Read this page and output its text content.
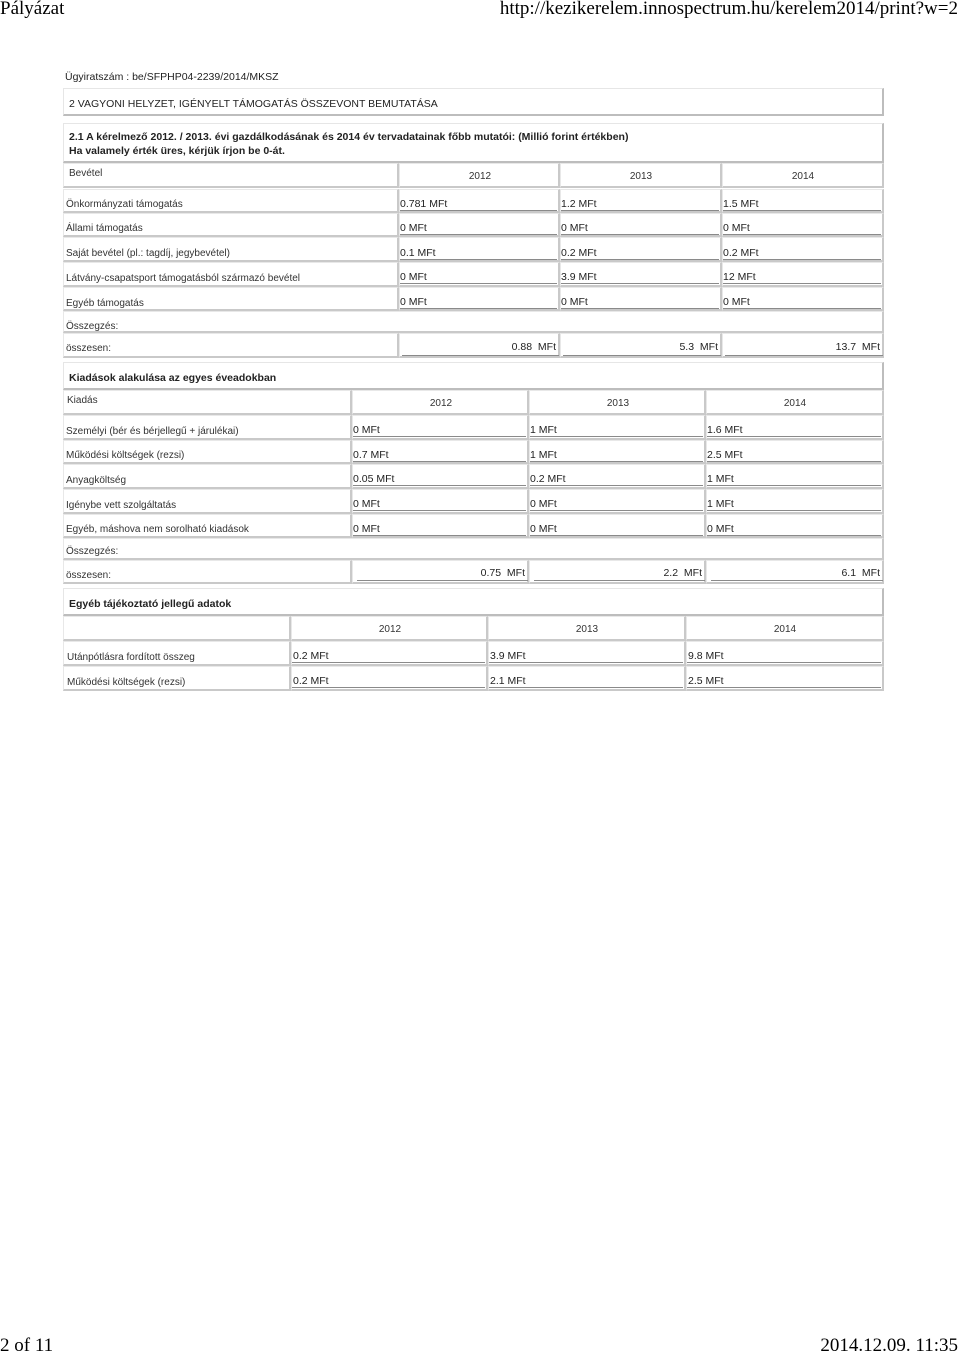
Pályázat	http://kezikerelem.innospectrum.hu/kerelem2014/print?w=2
2 of 11	2014.12.09. 11:35
Ügyiratszám : be/SFPHP04-2239/2014/MKSZ
2 VAGYONI HELYZET, IGÉNYELT TÁMOGATÁS ÖSSZEVONT BEMUTATÁSA
2.1 A kérelmező 2012. / 2013. évi gazdálkodásának és 2014 év tervadatainak főbb mutatói: (Millió forint értékben)
Ha valamely érték üres, kérjük írjon be 0-át.
Bevétel	2012	2013	2014
Önkormányzati támogatás	0.781 MFt	1.2 MFt	1.5 MFt
Állami támogatás	0 MFt	0 MFt	0 MFt
Saját bevétel (pl.: tagdíj, jegybevétel)	0.1 MFt	0.2 MFt	0.2 MFt
Látvány-csapatsport támogatásból származó bevétel	0 MFt	3.9 MFt	12 MFt
Egyéb támogatás	0 MFt	0 MFt	0 MFt
Összegzés:
összesen:	0.88 MFt	5.3 MFt	13.7 MFt
Kiadások alakulása az egyes éveadokban
Kiadás	2012	2013	2014
Személyi (bér és bérjellegű + járulékai)	0 MFt	1 MFt	1.6 MFt
Működési költségek (rezsi)	0.7 MFt	1 MFt	2.5 MFt
Anyagköltség	0.05 MFt	0.2 MFt	1 MFt
Igénybe vett szolgáltatás	0 MFt	0 MFt	1 MFt
Egyéb, máshova nem sorolható kiadások	0 MFt	0 MFt	0 MFt
Összegzés:
összesen:	0.75 MFt	2.2 MFt	6.1 MFt
Egyéb tájékoztató jellegű adatok
2012	2013	2014
Utánpótlásra fordított összeg	0.2 MFt	3.9 MFt	9.8 MFt
Működési költségek (rezsi)	0.2 MFt	2.1 MFt	2.5 MFt
